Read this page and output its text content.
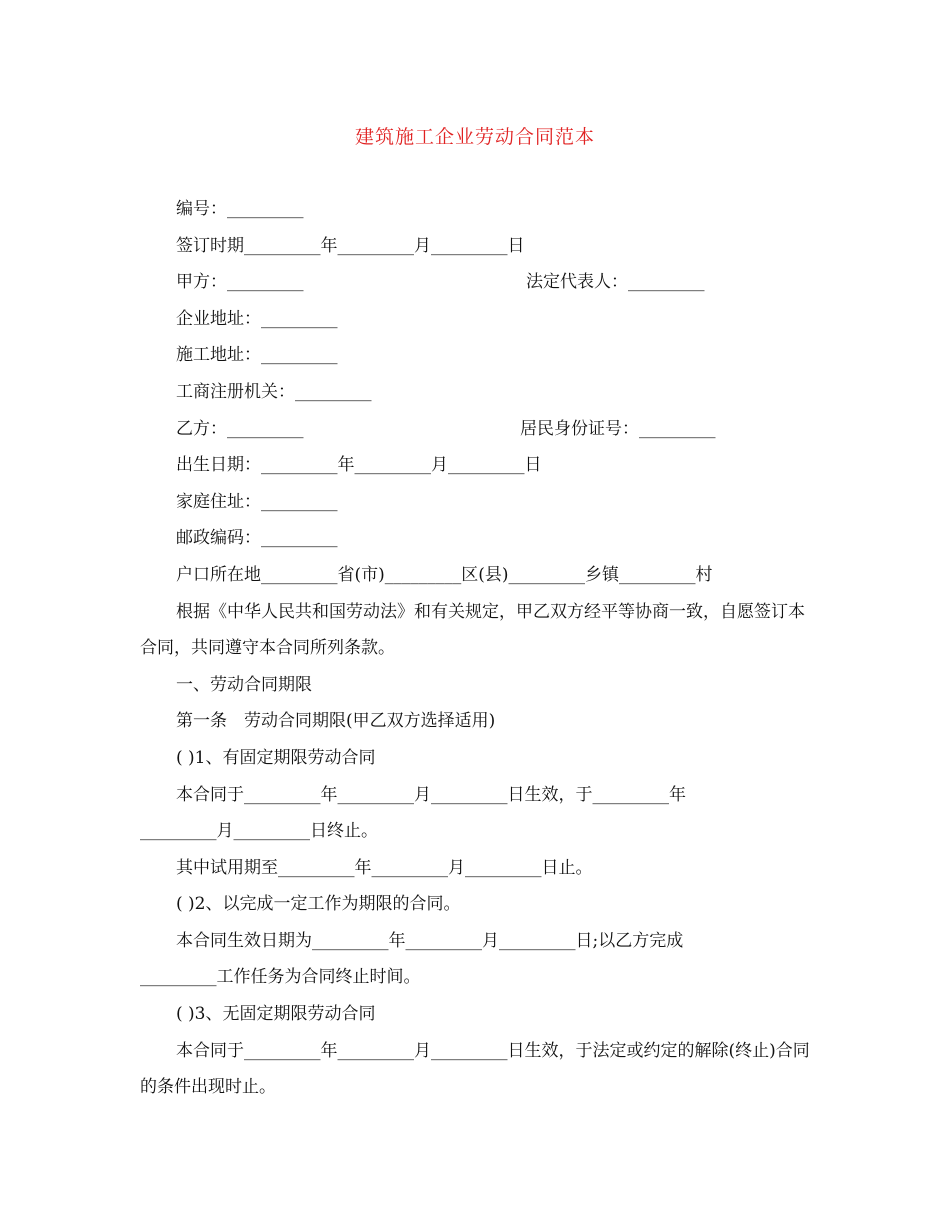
建筑施工企业劳动合同范本
编号：_________
签订时期_________年_________月_________日
甲方：_________	法定代表人：_________
企业地址：_________
施工地址：_________
工商注册机关：_________
乙方：_________	居民身份证号：_________
出生日期：_________年_________月_________日
家庭住址：_________
邮政编码：_________
户口所在地_________省(市)_________区(县)_________乡镇_________村
根据《中华人民共和国劳动法》和有关规定，甲乙双方经平等协商一致，自愿签订本合同，共同遵守本合同所列条款。
一、劳动合同期限
第一条　劳动合同期限(甲乙双方选择适用)
( )1、有固定期限劳动合同
本合同于_________年_________月_________日生效，于_________年
_________月_________日终止。
其中试用期至_________年_________月_________日止。
( )2、以完成一定工作为期限的合同。
本合同生效日期为_________年_________月_________日;以乙方完成
_________工作任务为合同终止时间。
( )3、无固定期限劳动合同
本合同于_________年_________月_________日生效，于法定或约定的解除(终止)合同的条件出现时止。
